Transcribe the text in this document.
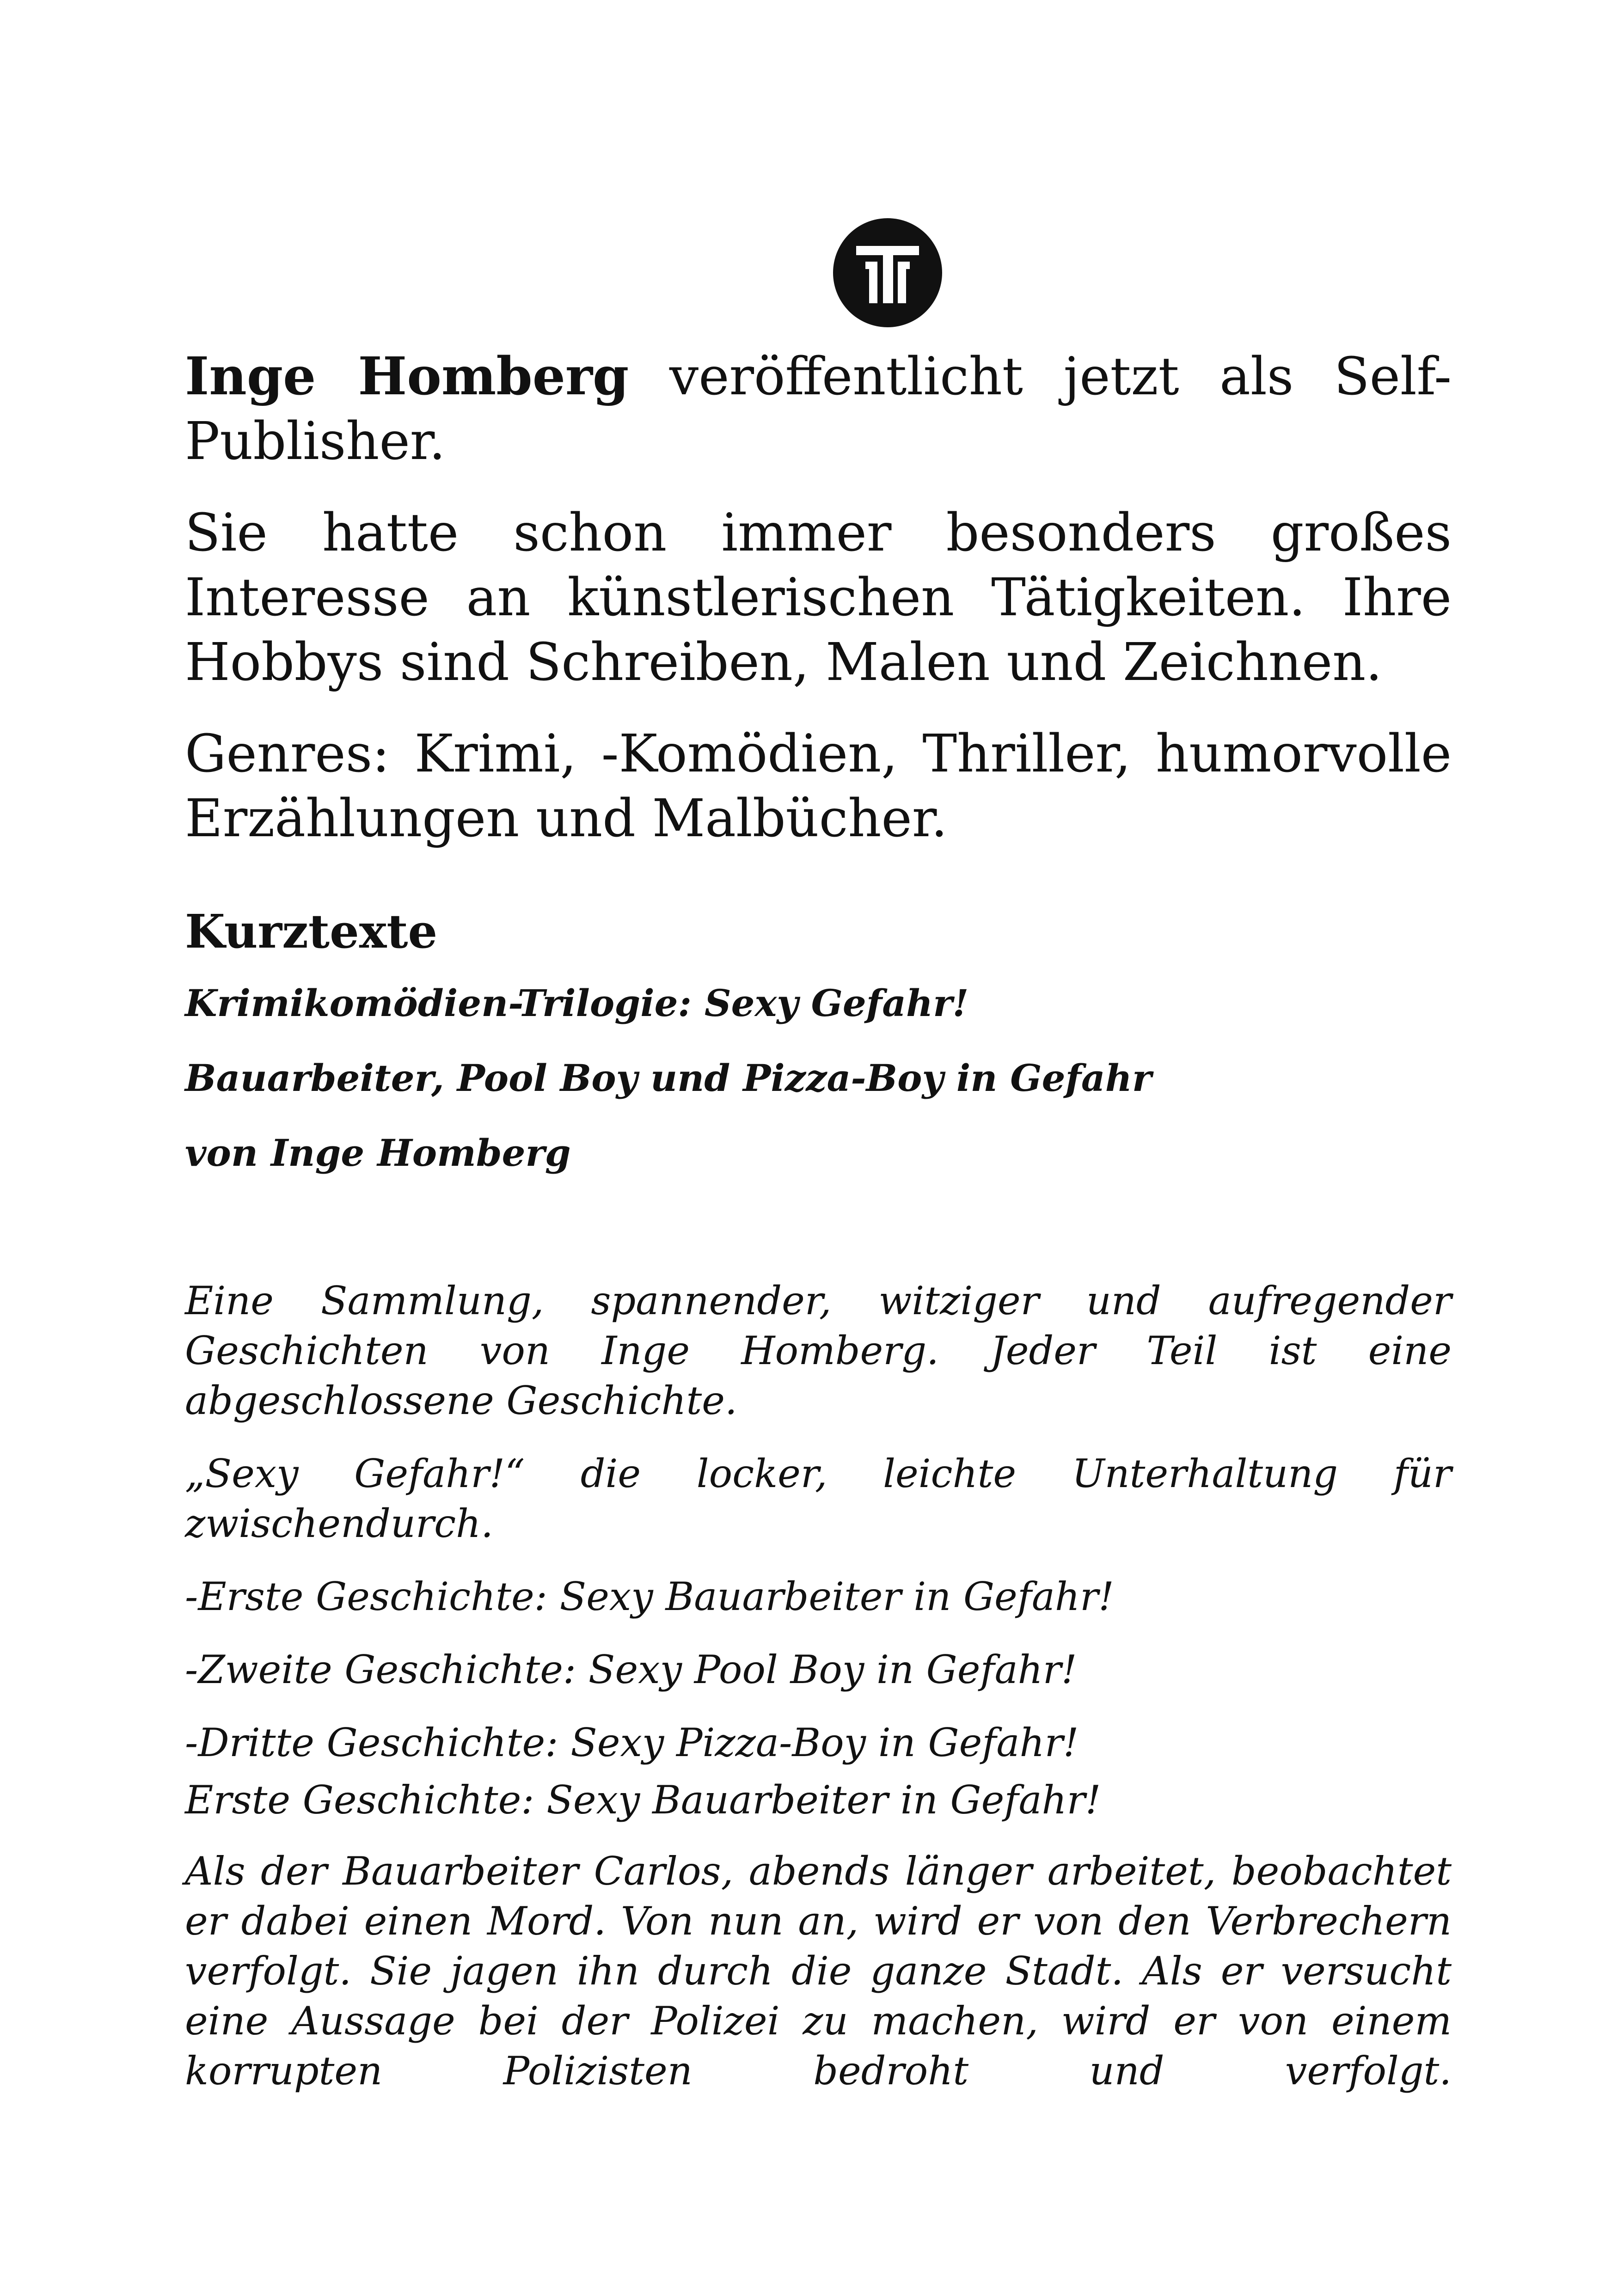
Inge Homberg veröffentlicht jetzt als Self-Publisher.

Sie hatte schon immer besonders großes Interesse an künstlerischen Tätigkeiten. Ihre Hobbys sind Schreiben, Malen und Zeichnen.

Genres: Krimi, -Komödien, Thriller, humorvolle Erzählungen und Malbücher.

Kurztexte
Krimikomödien-Trilogie: Sexy Gefahr!
Bauarbeiter, Pool Boy und Pizza-Boy in Gefahr
von Inge Homberg

Eine Sammlung, spannender, witziger und aufregender Geschichten von Inge Homberg. Jeder Teil ist eine abgeschlossene Geschichte.

„Sexy Gefahr!“ die locker, leichte Unterhaltung für zwischendurch.

-Erste Geschichte: Sexy Bauarbeiter in Gefahr!

-Zweite Geschichte: Sexy Pool Boy in Gefahr!

-Dritte Geschichte: Sexy Pizza-Boy in Gefahr!

Erste Geschichte: Sexy Bauarbeiter in Gefahr!

Als der Bauarbeiter Carlos, abends länger arbeitet, beobachtet er dabei einen Mord. Von nun an, wird er von den Verbrechern verfolgt. Sie jagen ihn durch die ganze Stadt. Als er versucht eine Aussage bei der Polizei zu machen, wird er von einem korrupten Polizisten bedroht und verfolgt.
